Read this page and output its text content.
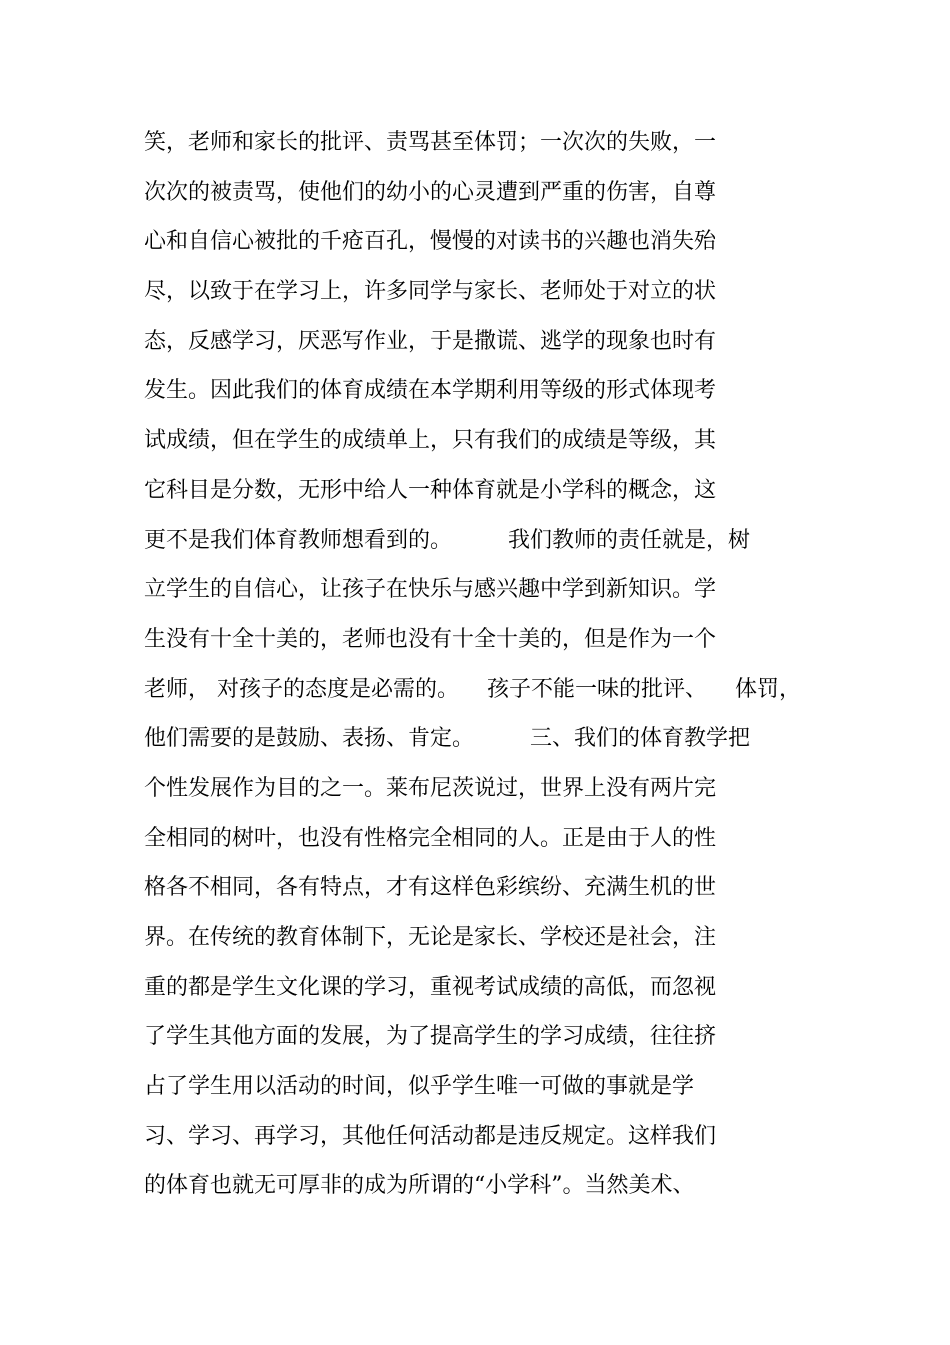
笑，老师和家长的批评、责骂甚至体罚；一次次的失败，一

次次的被责骂，使他们的幼小的心灵遭到严重的伤害，自尊

心和自信心被批的千疮百孔，慢慢的对读书的兴趣也消失殆

尽，以致于在学习上，许多同学与家长、老师处于对立的状

态，反感学习，厌恶写作业，于是撒谎、逃学的现象也时有

发生。因此我们的体育成绩在本学期利用等级的形式体现考

试成绩，但在学生的成绩单上，只有我们的成绩是等级，其

它科目是分数，无形中给人一种体育就是小学科的概念，这

更不是我们体育教师想看到的。        我们教师的责任就是，树

立学生的自信心，让孩子在快乐与感兴趣中学到新知识。学

生没有十全十美的，老师也没有十全十美的，但是作为一个

老师， 对孩子的态度是必需的。    孩子不能一味的批评、    体罚，

他们需要的是鼓励、表扬、肯定。        三、我们的体育教学把

个性发展作为目的之一。莱布尼茨说过，世界上没有两片完

全相同的树叶，也没有性格完全相同的人。正是由于人的性

格各不相同，各有特点，才有这样色彩缤纷、充满生机的世

界。在传统的教育体制下，无论是家长、学校还是社会，注

重的都是学生文化课的学习，重视考试成绩的高低，而忽视

了学生其他方面的发展，为了提高学生的学习成绩，往往挤

占了学生用以活动的时间，似乎学生唯一可做的事就是学

习、学习、再学习，其他任何活动都是违反规定。这样我们

的体育也就无可厚非的成为所谓的“小学科”。当然美术、
